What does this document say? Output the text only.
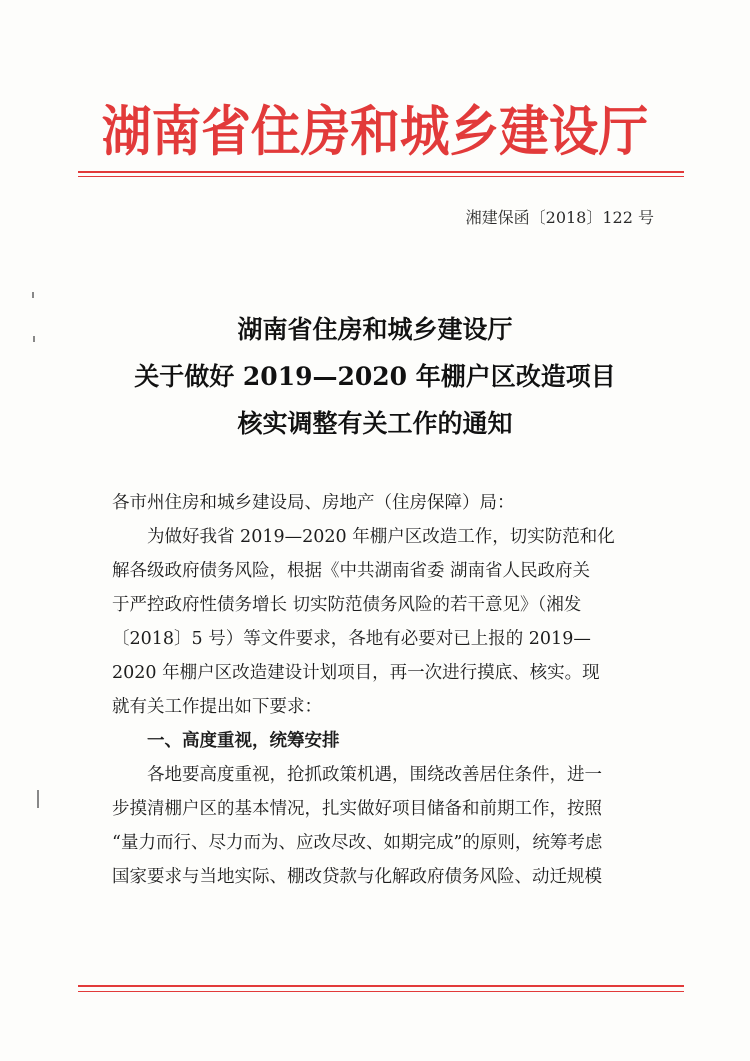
湖南省住房和城乡建设厅
湘建保函〔2018〕122 号
湖南省住房和城乡建设厅
关于做好 2019—2020 年棚户区改造项目
核实调整有关工作的通知
各市州住房和城乡建设局、房地产（住房保障）局：
为做好我省 2019—2020 年棚户区改造工作，切实防范和化
解各级政府债务风险，根据《中共湖南省委 湖南省人民政府关
于严控政府性债务增长 切实防范债务风险的若干意见》（湘发
〔2018〕5 号）等文件要求，各地有必要对已上报的 2019—
2020 年棚户区改造建设计划项目，再一次进行摸底、核实。现
就有关工作提出如下要求：
一、高度重视，统筹安排
各地要高度重视，抢抓政策机遇，围绕改善居住条件，进一
步摸清棚户区的基本情况，扎实做好项目储备和前期工作，按照
“量力而行、尽力而为、应改尽改、如期完成”的原则，统筹考虑
国家要求与当地实际、棚改贷款与化解政府债务风险、动迁规模
